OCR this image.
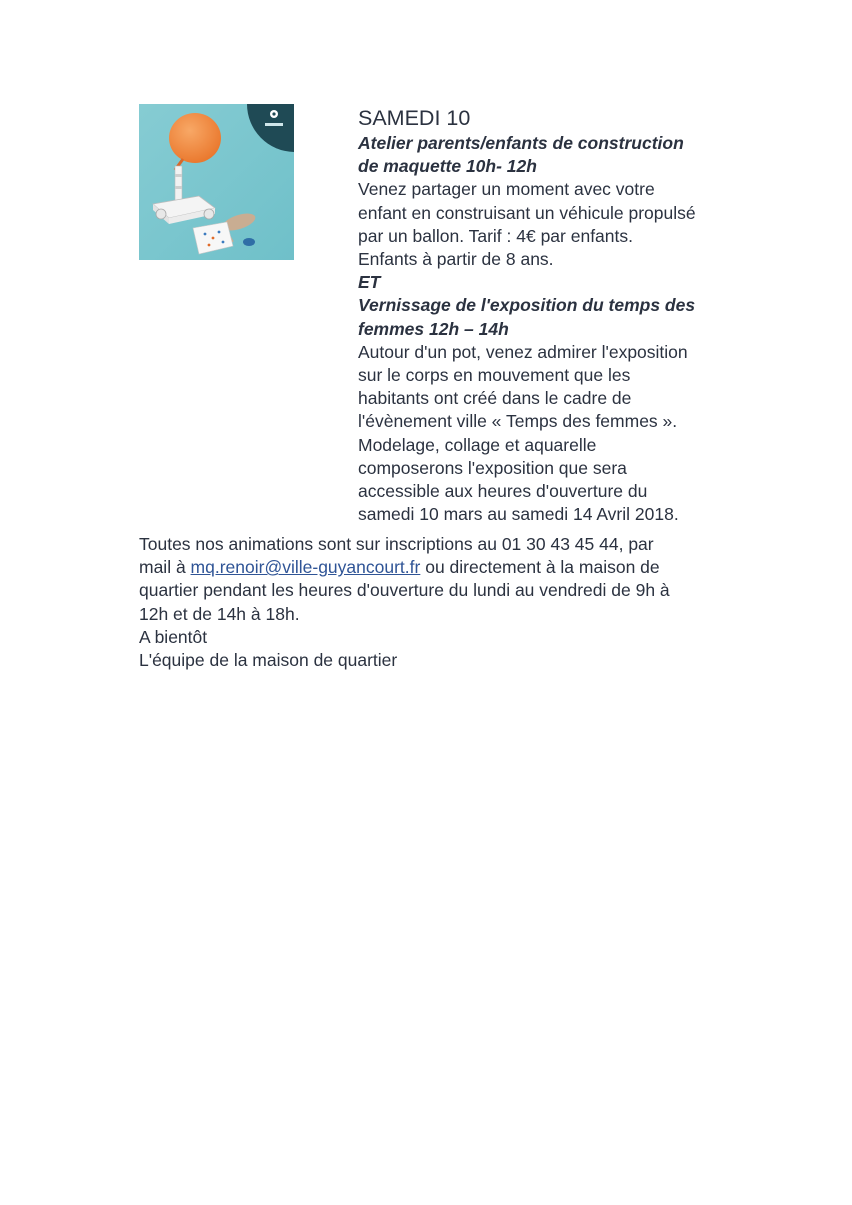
SAMEDI 10

Atelier parents/enfants de construction
de maquette 10h- 12h

Venez partager un moment avec votre
enfant en construisant un véhicule propulsé
par un ballon. Tarif : 4€ par enfants.
Enfants à partir de 8 ans.

ET

Vernissage de l'exposition du temps des
femmes 12h – 14h

Autour d'un pot, venez admirer l'exposition
sur le corps en mouvement que les
habitants ont créé dans le cadre de
l'évènement ville « Temps des femmes ».
Modelage, collage et aquarelle
composerons l'exposition que sera
accessible aux heures d'ouverture du
samedi 10 mars au samedi 14 Avril 2018.

Toutes nos animations sont sur inscriptions au 01 30 43 45 44, par
mail à mq.renoir@ville-guyancourt.fr ou directement à la maison de
quartier pendant les heures d'ouverture du lundi au vendredi de 9h à
12h et de 14h à 18h.

A bientôt

L'équipe de la maison de quartier
